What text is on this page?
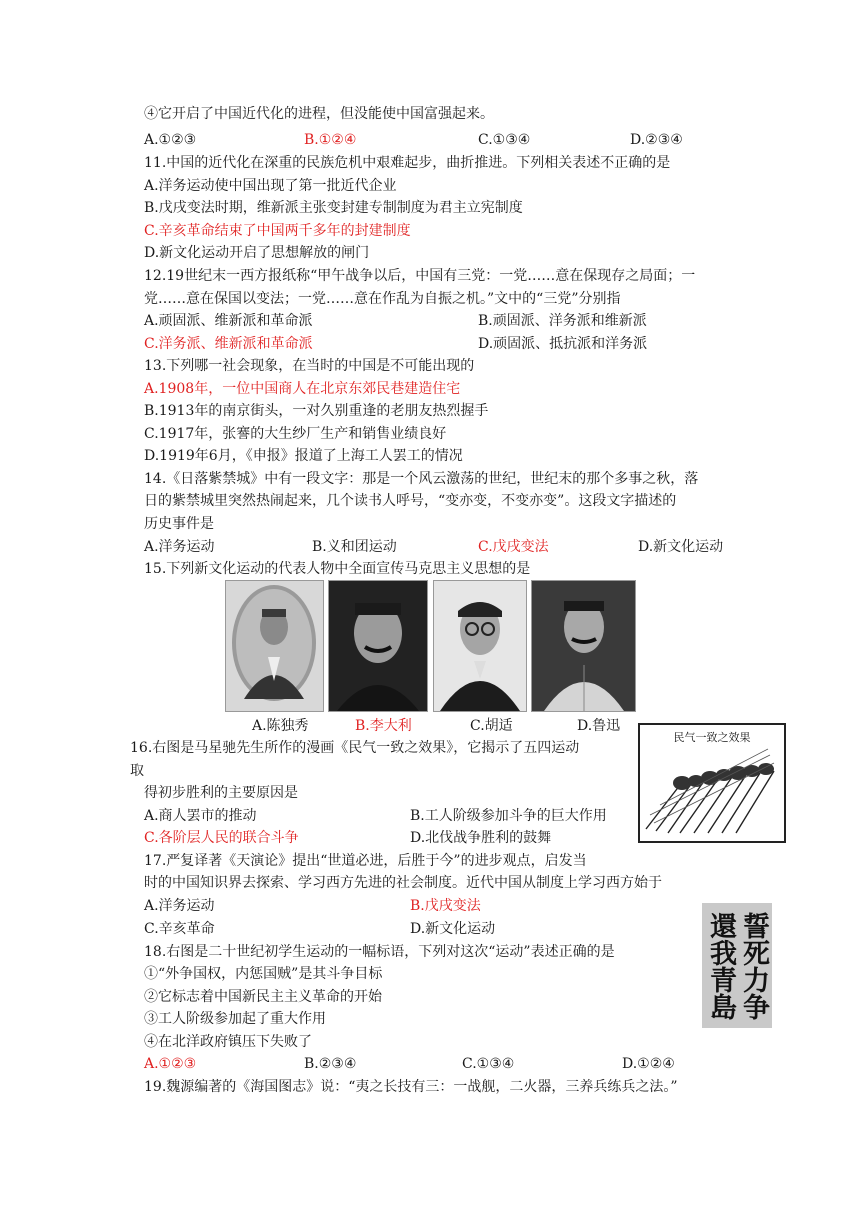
④它开启了中国近代化的进程，但没能使中国富强起来。
A.①②③	B.①②④	C.①③④	D.②③④
11.中国的近代化在深重的民族危机中艰难起步，曲折推进。下列相关表述不正确的是
A.洋务运动使中国出现了第一批近代企业
B.戊戌变法时期，维新派主张变封建专制制度为君主立宪制度
C.辛亥革命结束了中国两千多年的封建制度
D.新文化运动开启了思想解放的闸门
12.19世纪末一西方报纸称“甲午战争以后，中国有三党：一党……意在保现存之局面；一
党……意在保国以变法；一党……意在作乱为自振之机。”文中的“三党”分别指
A.顽固派、维新派和革命派	B.顽固派、洋务派和维新派
C.洋务派、维新派和革命派	D.顽固派、抵抗派和洋务派
13.下列哪一社会现象，在当时的中国是不可能出现的
A.1908年，一位中国商人在北京东郊民巷建造住宅
B.1913年的南京街头，一对久别重逢的老朋友热烈握手
C.1917年，张謇的大生纱厂生产和销售业绩良好
D.1919年6月，《申报》报道了上海工人罢工的情况
14.《日落紫禁城》中有一段文字：那是一个风云激荡的世纪，世纪末的那个多事之秋，落
日的紫禁城里突然热闹起来，几个读书人呼号，“变亦变，不变亦变”。这段文字描述的
历史事件是
A.洋务运动	B.义和团运动	C.戊戌变法	D.新文化运动
15.下列新文化运动的代表人物中全面宣传马克思主义思想的是
A.陈独秀	B.李大利	C.胡适	D.鲁迅
16.右图是马星驰先生所作的漫画《民气一致之效果》，它揭示了五四运动
取
得初步胜利的主要原因是
A.商人罢市的推动	B.工人阶级参加斗争的巨大作用
C.各阶层人民的联合斗争	D.北伐战争胜利的鼓舞
民气一致之效果
17.严复译著《天演论》提出“世道必进，后胜于今”的进步观点，启发当
时的中国知识界去探索、学习西方先进的社会制度。近代中国从制度上学习西方始于
A.洋务运动	B.戊戌变法
C.辛亥革命	D.新文化运动	誓死力争
還我青島
18.右图是二十世纪初学生运动的一幅标语，下列对这次“运动”表述正确的是
①“外争国权，内惩国贼”是其斗争目标
②它标志着中国新民主主义革命的开始
③工人阶级参加起了重大作用
④在北洋政府镇压下失败了
A.①②③	B.②③④	C.①③④	D.①②④
19.魏源编著的《海国图志》说：“夷之长技有三：一战舰，二火器，三养兵练兵之法。”
